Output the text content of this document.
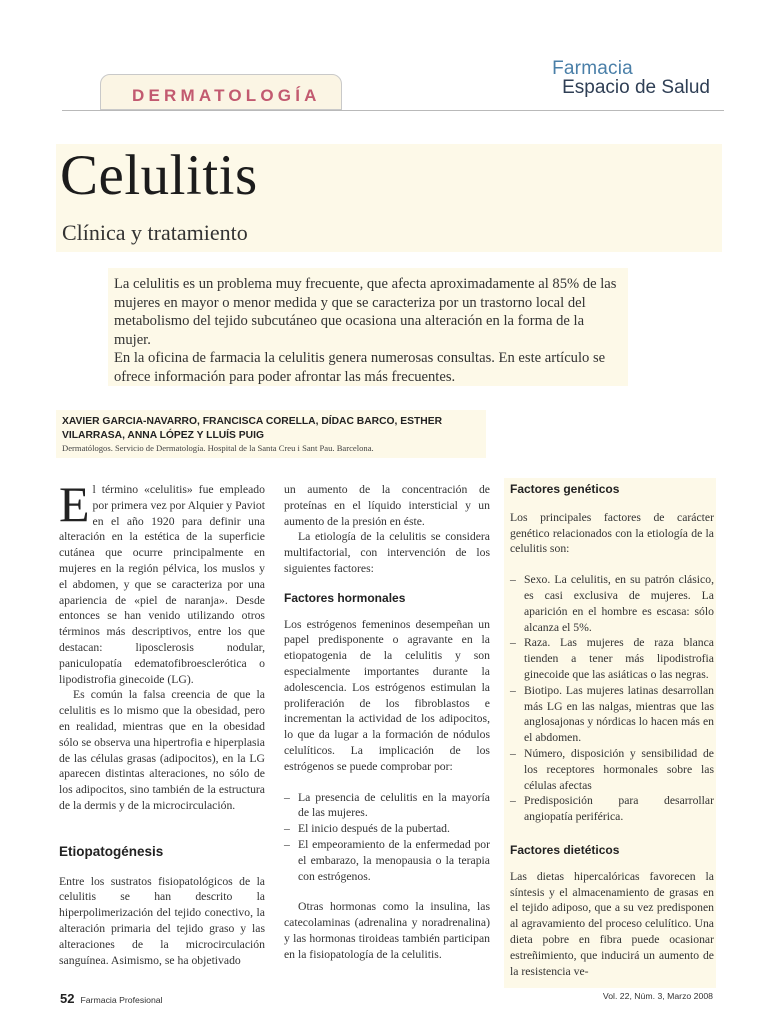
Farmacia
Espacio de Salud
DERMATOLOGÍA
Celulitis
Clínica y tratamiento

La celulitis es un problema muy frecuente, que afecta aproximadamente al 85% de las mujeres en mayor o menor medida y que se caracteriza por un trastorno local del metabolismo del tejido subcutáneo que ocasiona una alteración en la forma de la mujer.

En la oficina de farmacia la celulitis genera numerosas consultas. En este artículo se ofrece información para poder afrontar las más frecuentes.

XAVIER GARCIA-NAVARRO, FRANCISCA CORELLA, DÍDAC BARCO, ESTHER VILARRASA, ANNA LÓPEZ Y LLUÍS PUIG
Dermatólogos. Servicio de Dermatología. Hospital de la Santa Creu i Sant Pau. Barcelona.

El término «celulitis» fue empleado por primera vez por Alquier y Paviot en el año 1920 para definir una alteración en la estética de la superficie cutánea que ocurre principalmente en mujeres en la región pélvica, los muslos y el abdomen, y que se caracteriza por una apariencia de «piel de naranja». Desde entonces se han venido utilizando otros términos más descriptivos, entre los que destacan: liposclerosis nodular, paniculopatía edematofibroesclerótica o lipodistrofia ginecoide (LG).

Es común la falsa creencia de que la celulitis es lo mismo que la obesidad, pero en realidad, mientras que en la obesidad sólo se observa una hipertrofia e hiperplasia de las células grasas (adipocitos), en la LG aparecen distintas alteraciones, no sólo de los adipocitos, sino también de la estructura de la dermis y de la microcirculación.

Etiopatogénesis

Entre los sustratos fisiopatológicos de la celulitis se han descrito la hiperpolimerización del tejido conectivo, la alteración primaria del tejido graso y las alteraciones de la microcirculación sanguínea. Asimismo, se ha objetivado

un aumento de la concentración de proteínas en el líquido intersticial y un aumento de la presión en éste.

La etiología de la celulitis se considera multifactorial, con intervención de los siguientes factores:

Factores hormonales

Los estrógenos femeninos desempeñan un papel predisponente o agravante en la etiopatogenia de la celulitis y son especialmente importantes durante la adolescencia. Los estrógenos estimulan la proliferación de los fibroblastos e incrementan la actividad de los adipocitos, lo que da lugar a la formación de nódulos celulíticos. La implicación de los estrógenos se puede comprobar por:

– La presencia de celulitis en la mayoría de las mujeres.
– El inicio después de la pubertad.
– El empeoramiento de la enfermedad por el embarazo, la menopausia o la terapia con estrógenos.

Otras hormonas como la insulina, las catecolaminas (adrenalina y noradrenalina) y las hormonas tiroideas también participan en la fisiopatología de la celulitis.

Factores genéticos

Los principales factores de carácter genético relacionados con la etiología de la celulitis son:

– Sexo. La celulitis, en su patrón clásico, es casi exclusiva de mujeres. La aparición en el hombre es escasa: sólo alcanza el 5%.
– Raza. Las mujeres de raza blanca tienden a tener más lipodistrofia ginecoide que las asiáticas o las negras.
– Biotipo. Las mujeres latinas desarrollan más LG en las nalgas, mientras que las anglosajonas y nórdicas lo hacen más en el abdomen.
– Número, disposición y sensibilidad de los receptores hormonales sobre las células afectas
– Predisposición para desarrollar angiopatía periférica.
Factores dietéticos

Las dietas hipercalóricas favorecen la síntesis y el almacenamiento de grasas en el tejido adiposo, que a su vez predisponen al agravamiento del proceso celulítico. Una dieta pobre en fibra puede ocasionar estreñimiento, que inducirá un aumento de la resistencia ve-

52 Farmacia Profesional	Vol. 22, Núm. 3, Marzo 2008
